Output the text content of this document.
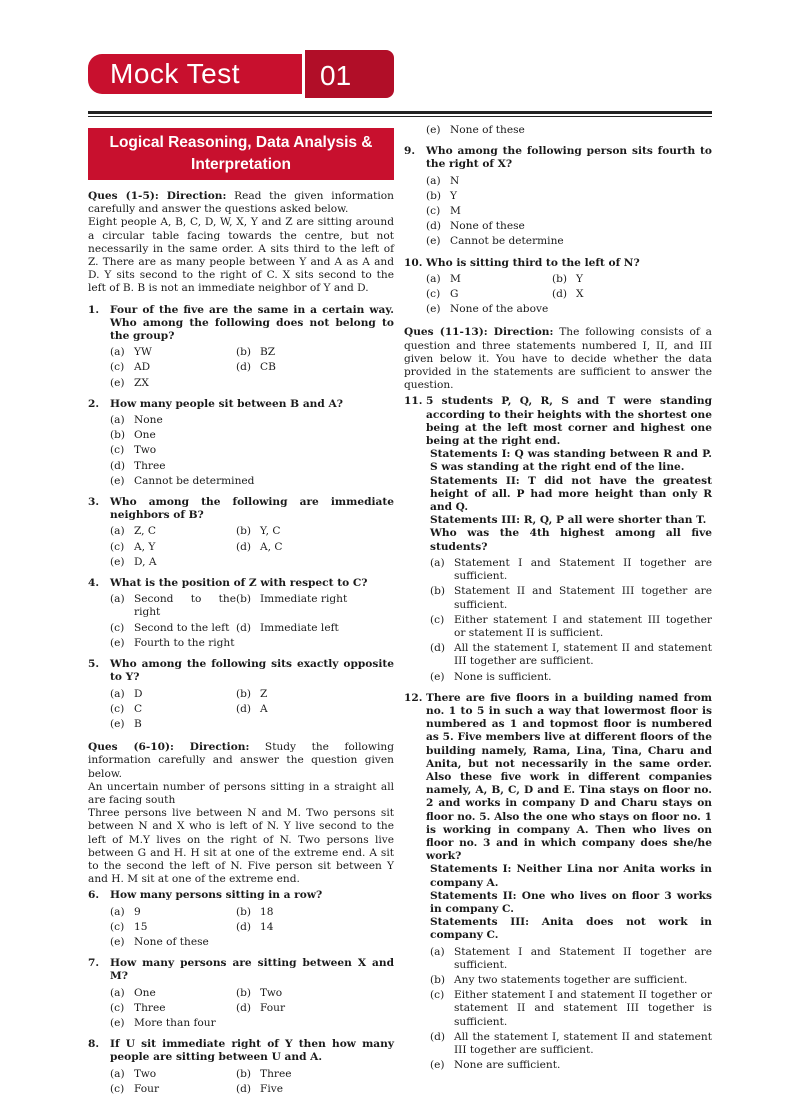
Mock Test	01
Logical Reasoning, Data Analysis & Interpretation

Ques (1-5): Direction: Read the given information carefully and answer the questions asked below.

Eight people A, B, C, D, W, X, Y and Z are sitting around a circular table facing towards the centre, but not necessarily in the same order. A sits third to the left of Z. There are as many people between Y and A as A and D. Y sits second to the right of C. X sits second to the left of B. B is not an immediate neighbor of Y and D.

1.	Four of the five are the same in a certain way. Who among the following does not belong to the group?
(a) YW	(b) BZ
(c) AD	(d) CB
(e) ZX
2.	How many people sit between B and A?
(a) None
(b) One
(c) Two
(d) Three
(e) Cannot be determined
3.	Who among the following are immediate neighbors of B?
(a) Z, C	(b) Y, C
(c) A, Y	(d) A, C
(e) D, A
4.	What is the position of Z with respect to C?
(a) Second to the right
(b) Immediate right
(c) Second to the left (d) Immediate left
(e) Fourth to the right
5.	Who among the following sits exactly opposite to Y?
(a) D	(b) Z
(c) C	(d) A
(e) B

Ques (6-10): Direction: Study the following information carefully and answer the question given below.

An uncertain number of persons sitting in a straight all are facing south

Three persons live between N and M. Two persons sit between N and X who is left of N. Y live second to the left of M.Y lives on the right of N. Two persons live between G and H. H sit at one of the extreme end. A sit to the second the left of N. Five person sit between Y and H. M sit at one of the extreme end.

6.	How many persons sitting in a row?
(a) 9	(b) 18
(c) 15	(d) 14
(e) None of these
7.	How many persons are sitting between X and M?
(a) One	(b) Two
(c) Three	(d) Four
(e) More than four
8.	If U sit immediate right of Y then how many people are sitting between U and A.
(a) Two	(b) Three
(c) Four	(d) Five
(e) None of these
9.	Who among the following person sits fourth to the right of X?
(a) N
(b) Y
(c) M
(d) None of these
(e) Cannot be determine
10. Who is sitting third to the left of N?
(a) M	(b) Y
(c) G	(d) X
(e) None of the above

Ques (11-13): Direction: The following consists of a question and three statements numbered I, II, and III given below it. You have to decide whether the data provided in the statements are sufficient to answer the question.

11. 5 students P, Q, R, S and T were standing according to their heights with the shortest one being at the left most corner and highest one being at the right end.
Statements I: Q was standing between R and P. S was standing at the right end of the line.
Statements II: T did not have the greatest height of all. P had more height than only R and Q.
Statements III: R, Q, P all were shorter than T.
Who was the 4th highest among all five students?
(a) Statement I and Statement II together are sufficient.
(b) Statement II and Statement III together are sufficient.
(c) Either statement I and statement III together or statement II is sufficient.
(d) All the statement I, statement II and statement III together are sufficient.
(e) None is sufficient.
12. There are five floors in a building named from no. 1 to 5 in such a way that lowermost floor is numbered as 1 and topmost floor is numbered as 5. Five members live at different floors of the building namely, Rama, Lina, Tina, Charu and Anita, but not necessarily in the same order. Also these five work in different companies namely, A, B, C, D and E. Tina stays on floor no. 2 and works in company D and Charu stays on floor no. 5. Also the one who stays on floor no. 1 is working in company A. Then who lives on floor no. 3 and in which company does she/he work?
Statements I: Neither Lina nor Anita works in company A.
Statements II: One who lives on floor 3 works in company C.
Statements III: Anita does not work in company C.
(a) Statement I and Statement II together are sufficient.
(b) Any two statements together are sufficient.
(c) Either statement I and statement II together or statement II and statement III together is sufficient.
(d) All the statement I, statement II and statement III together are sufficient.
(e) None are sufficient.
